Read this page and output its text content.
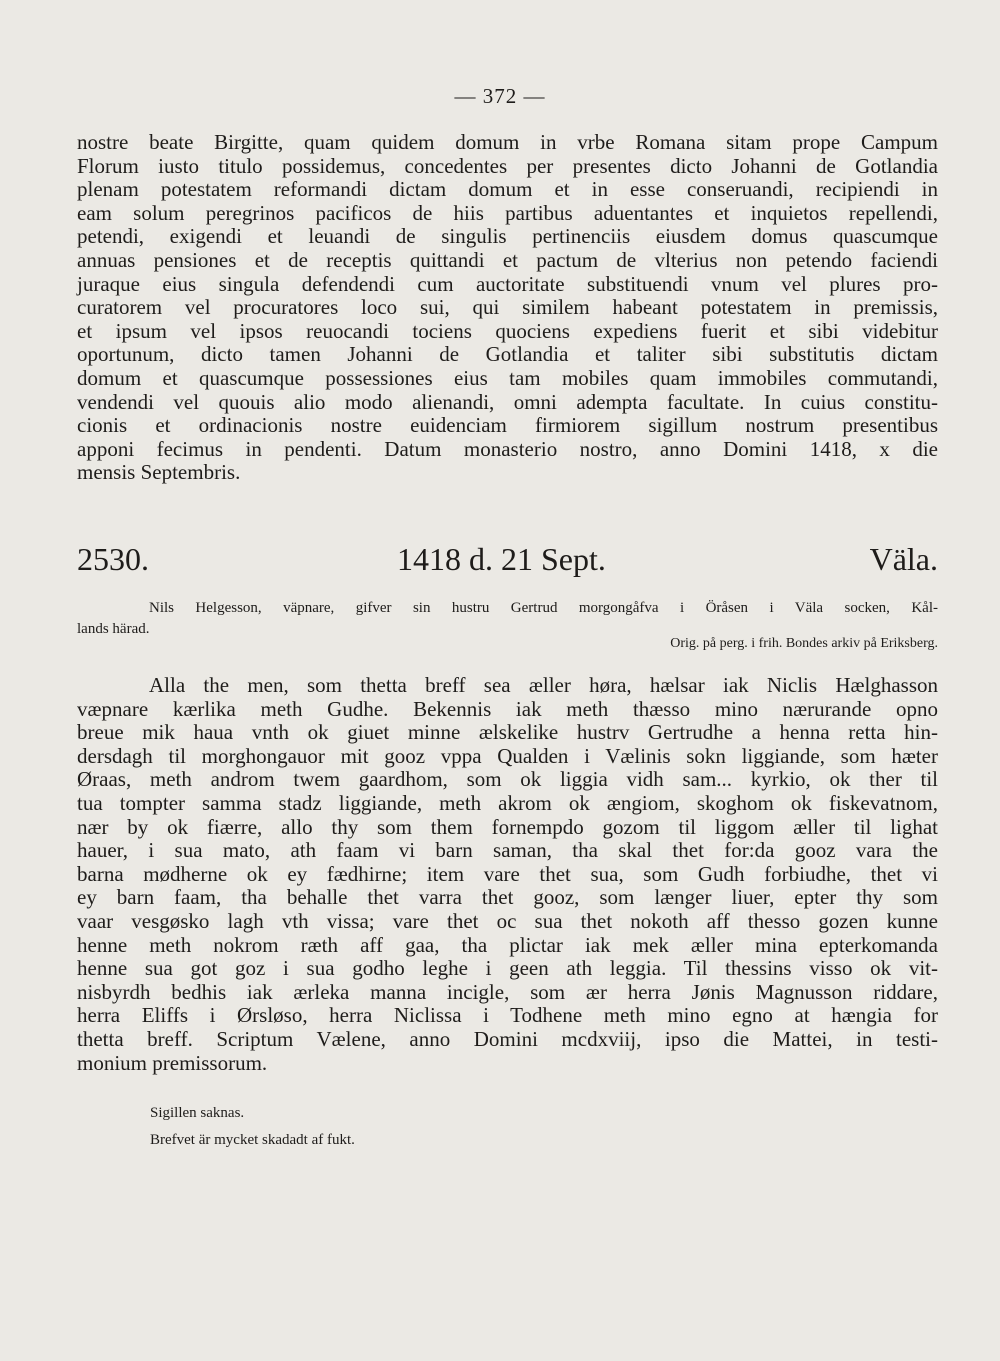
— 372 —
nostre beate Birgitte, quam quidem domum in vrbe Romana sitam prope Campum
Florum iusto titulo possidemus, concedentes per presentes dicto Johanni de Gotlandia
plenam potestatem reformandi dictam domum et in esse conseruandi, recipiendi in
eam solum peregrinos pacificos de hiis partibus aduentantes et inquietos repellendi,
petendi, exigendi et leuandi de singulis pertinenciis eiusdem domus quascumque
annuas pensiones et de receptis quittandi et pactum de vlterius non petendo faciendi
juraque eius singula defendendi cum auctoritate substituendi vnum vel plures pro-
curatorem vel procuratores loco sui, qui similem habeant potestatem in premissis,
et ipsum vel ipsos reuocandi tociens quociens expediens fuerit et sibi videbitur
oportunum, dicto tamen Johanni de Gotlandia et taliter sibi substitutis dictam
domum et quascumque possessiones eius tam mobiles quam immobiles commutandi,
vendendi vel quouis alio modo alienandi, omni adempta facultate. In cuius constitu-
cionis et ordinacionis nostre euidenciam firmiorem sigillum nostrum presentibus
apponi fecimus in pendenti. Datum monasterio nostro, anno Domini 1418, x die
mensis Septembris.
2530.	1418 d. 21 Sept.	Väla.
Nils Helgesson, väpnare, gifver sin hustru Gertrud morgongåfva i Öråsen i Väla socken, Kål-
lands härad.
Orig. på perg. i frih. Bondes arkiv på Eriksberg.
Alla the men, som thetta breff sea æller høra, hælsar iak Niclis Hælghasson
væpnare kærlika meth Gudhe. Bekennis iak meth thæsso mino nærurande opno
breue mik haua vnth ok giuet minne ælskelike hustrv Gertrudhe a henna retta hin-
dersdagh til morghongauor mit gooz vppa Qualden i Vælinis sokn liggiande, som hæter
Øraas, meth androm twem gaardhom, som ok liggia vidh sam... kyrkio, ok ther til
tua tompter samma stadz liggiande, meth akrom ok ængiom, skoghom ok fiskevatnom,
nær by ok fiærre, allo thy som them fornempdo gozom til liggom æller til lighat
hauer, i sua mato, ath faam vi barn saman, tha skal thet for:da gooz vara the
barna mødherne ok ey fædhirne; item vare thet sua, som Gudh forbiudhe, thet vi
ey barn faam, tha behalle thet varra thet gooz, som længer liuer, epter thy som
vaar vesgøsko lagh vth vissa; vare thet oc sua thet nokoth aff thesso gozen kunne
henne meth nokrom ræth aff gaa, tha plictar iak mek æller mina epterkomanda
henne sua got goz i sua godho leghe i geen ath leggia. Til thessins visso ok vit-
nisbyrdh bedhis iak ærleka manna incigle, som ær herra Jønis Magnusson riddare,
herra Eliffs i Ørsløso, herra Niclissa i Todhene meth mino egno at hængia for
thetta breff. Scriptum Vælene, anno Domini mcdxviij, ipso die Mattei, in testi-
monium premissorum.
Sigillen saknas.
Brefvet är mycket skadadt af fukt.
